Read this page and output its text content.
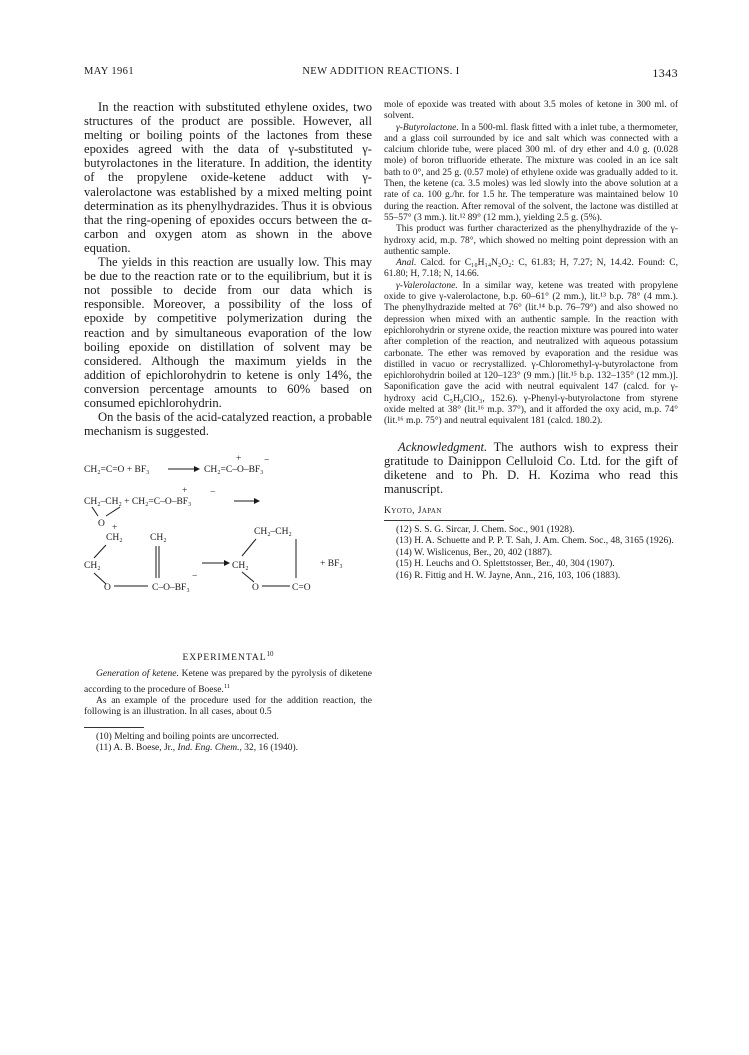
MAY 1961	NEW ADDITION REACTIONS. I	1343

In the reaction with substituted ethylene oxides, two structures of the product are possible. However, all melting or boiling points of the lactones from these epoxides agreed with the data of γ-substituted γ-butyrolactones in the literature. In addition, the identity of the propylene oxide-ketene adduct with γ-valerolactone was established by a mixed melting point determination as its phenylhydrazides. Thus it is obvious that the ring-opening of epoxides occurs between the α-carbon and oxygen atom as shown in the above equation.

The yields in this reaction are usually low. This may be due to the reaction rate or to the equilibrium, but it is not possible to decide from our data which is responsible. Moreover, a possibility of the loss of epoxide by competitive polymerization during the reaction and by simultaneous evaporation of the low boiling epoxide on distillation of solvent may be considered. Although the maximum yields in the addition of epichlorohydrin to ketene is only 14%, the conversion percentage amounts to 60% based on consumed epichlorohydrin.

On the basis of the acid-catalyzed reaction, a probable mechanism is suggested.

CH₂=C=O + BF₃	CH₂=C–O–BF₃
+ −
CH₂–CH₂ + CH₂=C–O–BF₃
+ −
O +
CH₂	CH₂
CH₂
O	C–O–BF₃
−
CH₂–CH₂
CH₂
O	C=O
+ BF₃
EXPERIMENTAL$^{10}$

Generation of ketene. Ketene was prepared by the pyrolysis of diketene according to the procedure of Boese.$^{11}$

As an example of the procedure used for the addition reaction, the following is an illustration. In all cases, about 0.5

(10) Melting and boiling points are uncorrected.
(11) A. B. Boese, Jr., Ind. Eng. Chem., 32, 16 (1940).

mole of epoxide was treated with about 3.5 moles of ketone in 300 ml. of solvent.

γ-Butyrolactone. In a 500-ml. flask fitted with a inlet tube, a thermometer, and a glass coil surrounded by ice and salt which was connected with a calcium chloride tube, were placed 300 ml. of dry ether and 4.0 g. (0.028 mole) of boron trifluoride etherate. The mixture was cooled in an ice salt bath to 0°, and 25 g. (0.57 mole) of ethylene oxide was gradually added to it. Then, the ketene (ca. 3.5 moles) was led slowly into the above solution at a rate of ca. 100 g./hr. for 1.5 hr. The temperature was maintained below 10 during the reaction. After removal of the solvent, the lactone was distilled at 55–57° (3 mm.). lit.¹² 89° (12 mm.), yielding 2.5 g. (5%).

This product was further characterized as the phenylhydrazide of the γ-hydroxy acid, m.p. 78°, which showed no melting point depression with an authentic sample.

Anal. Calcd. for C₁₀H₁₄N₂O₂: C, 61.83; H, 7.27; N, 14.42. Found: C, 61.80; H, 7.18; N, 14.66.

γ-Valerolactone. In a similar way, ketene was treated with propylene oxide to give γ-valerolactone, b.p. 60–61° (2 mm.), lit.¹³ b.p. 78° (4 mm.). The phenylhydrazide melted at 76° (lit.¹⁴ b.p. 76–79°) and also showed no depression when mixed with an authentic sample. In the reaction with epichlorohydrin or styrene oxide, the reaction mixture was poured into water after completion of the reaction, and neutralized with aqueous potassium carbonate. The ether was removed by evaporation and the residue was distilled in vacuo or recrystallized. γ-Chloromethyl-γ-butyrolactone from epichlorohydrin boiled at 120–123° (9 mm.) [lit.¹⁵ b.p. 132–135° (12 mm.)]. Saponification gave the acid with neutral equivalent 147 (calcd. for γ-hydroxy acid C₅H₉ClO₃, 152.6). γ-Phenyl-γ-butyrolactone from styrene oxide melted at 38° (lit.¹⁶ m.p. 37°), and it afforded the oxy acid, m.p. 74° (lit.¹⁶ m.p. 75°) and neutral equivalent 181 (calcd. 180.2).

Acknowledgment. The authors wish to express their gratitude to Dainippon Celluloid Co. Ltd. for the gift of diketene and to Ph. D. H. Kozima who read this manuscript.

Kyoto, Japan
(12) S. S. G. Sircar, J. Chem. Soc., 901 (1928).
(13) H. A. Schuette and P. P. T. Sah, J. Am. Chem. Soc., 48, 3165 (1926).
(14) W. Wislicenus, Ber., 20, 402 (1887).
(15) H. Leuchs and O. Splettstosser, Ber., 40, 304 (1907).
(16) R. Fittig and H. W. Jayne, Ann., 216, 103, 106 (1883).
